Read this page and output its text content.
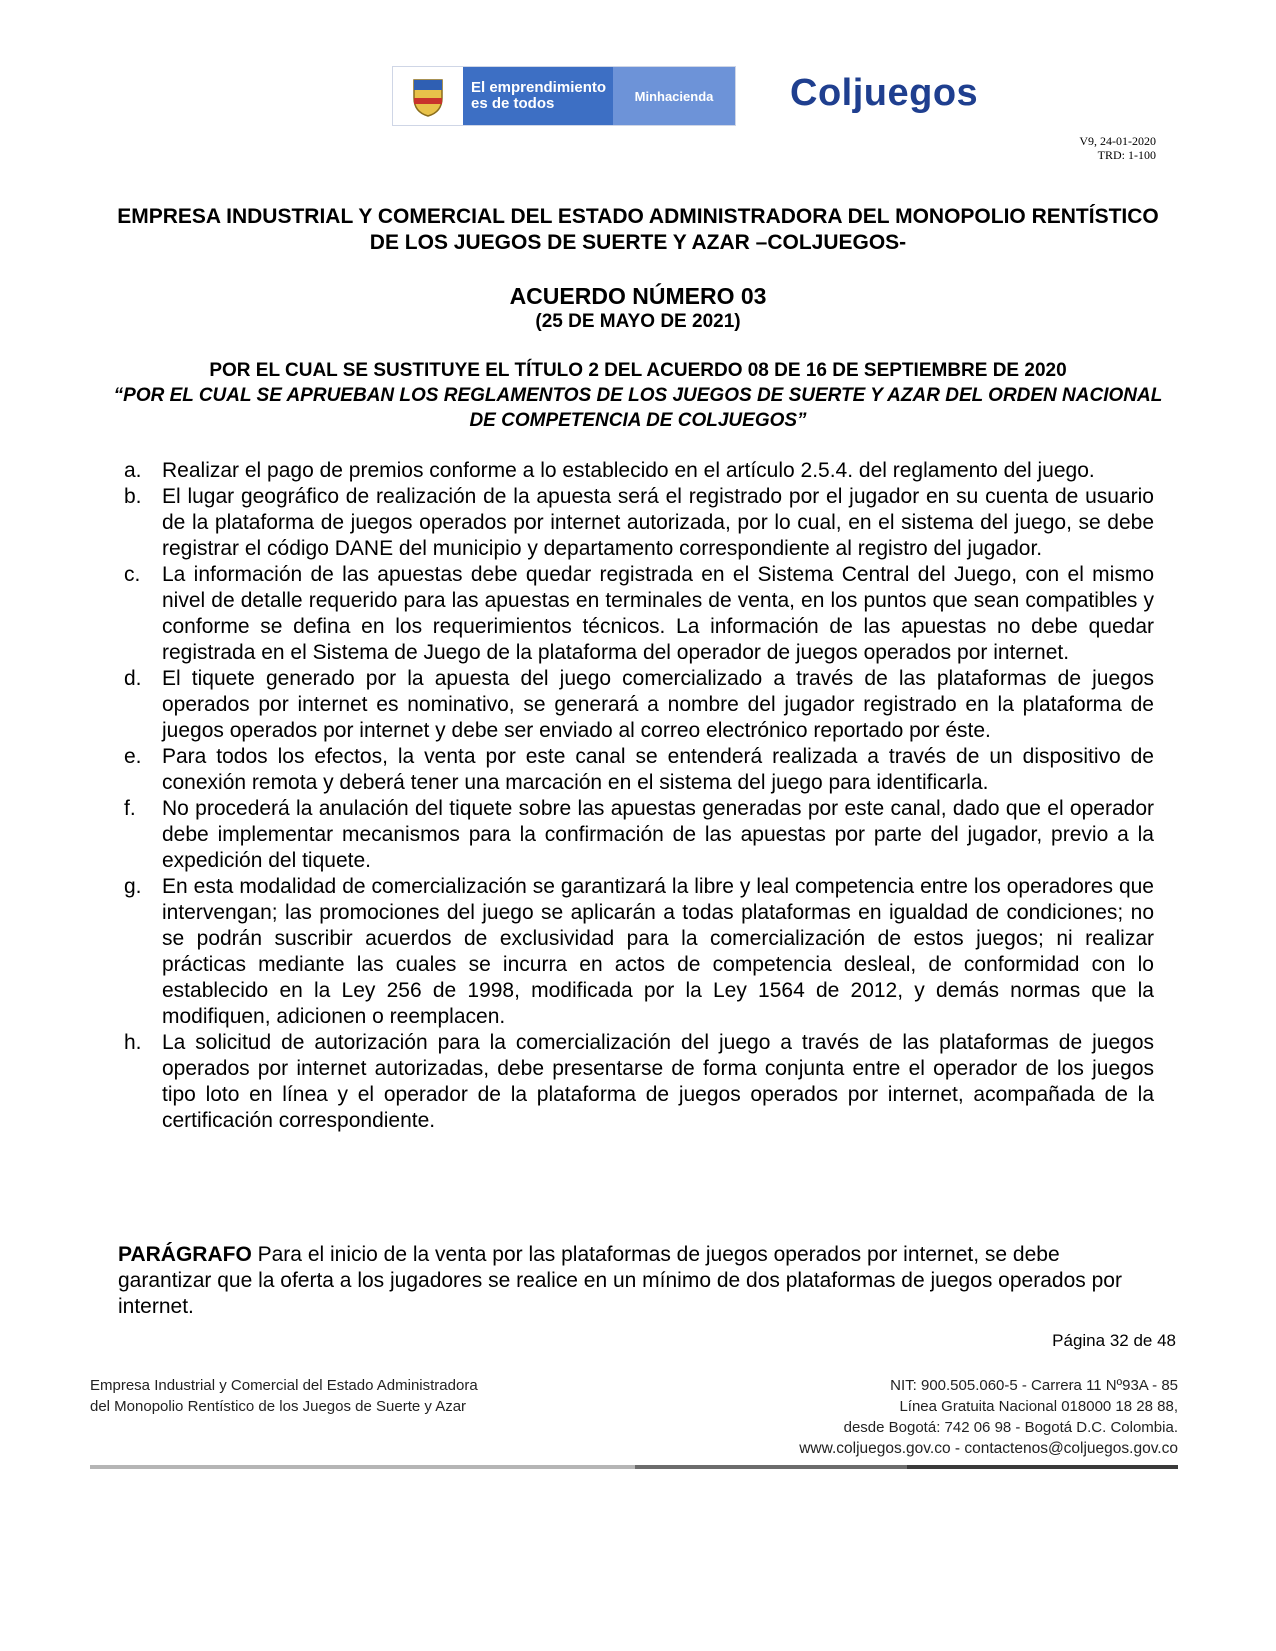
El emprendimiento es de todos	Minhacienda	Coljuegos
V9, 24-01-2020
TRD: 1-100
EMPRESA INDUSTRIAL Y COMERCIAL DEL ESTADO ADMINISTRADORA DEL MONOPOLIO RENTÍSTICO DE LOS JUEGOS DE SUERTE Y AZAR –COLJUEGOS-
ACUERDO NÚMERO 03
(25 DE MAYO DE 2021)
POR EL CUAL SE SUSTITUYE EL TÍTULO 2 DEL ACUERDO 08 DE 16 DE SEPTIEMBRE DE 2020
“POR EL CUAL SE APRUEBAN LOS REGLAMENTOS DE LOS JUEGOS DE SUERTE Y AZAR DEL ORDEN NACIONAL DE COMPETENCIA DE COLJUEGOS”
a. Realizar el pago de premios conforme a lo establecido en el artículo 2.5.4. del reglamento del juego.
b. El lugar geográfico de realización de la apuesta será el registrado por el jugador en su cuenta de usuario de la plataforma de juegos operados por internet autorizada, por lo cual, en el sistema del juego, se debe registrar el código DANE del municipio y departamento correspondiente al registro del jugador.
c. La información de las apuestas debe quedar registrada en el Sistema Central del Juego, con el mismo nivel de detalle requerido para las apuestas en terminales de venta, en los puntos que sean compatibles y conforme se defina en los requerimientos técnicos. La información de las apuestas no debe quedar registrada en el Sistema de Juego de la plataforma del operador de juegos operados por internet.
d. El tiquete generado por la apuesta del juego comercializado a través de las plataformas de juegos operados por internet es nominativo, se generará a nombre del jugador registrado en la plataforma de juegos operados por internet y debe ser enviado al correo electrónico reportado por éste.
e. Para todos los efectos, la venta por este canal se entenderá realizada a través de un dispositivo de conexión remota y deberá tener una marcación en el sistema del juego para identificarla.
f. No procederá la anulación del tiquete sobre las apuestas generadas por este canal, dado que el operador debe implementar mecanismos para la confirmación de las apuestas por parte del jugador, previo a la expedición del tiquete.
g. En esta modalidad de comercialización se garantizará la libre y leal competencia entre los operadores que intervengan; las promociones del juego se aplicarán a todas plataformas en igualdad de condiciones; no se podrán suscribir acuerdos de exclusividad para la comercialización de estos juegos; ni realizar prácticas mediante las cuales se incurra en actos de competencia desleal, de conformidad con lo establecido en la Ley 256 de 1998, modificada por la Ley 1564 de 2012, y demás normas que la modifiquen, adicionen o reemplacen.
h. La solicitud de autorización para la comercialización del juego a través de las plataformas de juegos operados por internet autorizadas, debe presentarse de forma conjunta entre el operador de los juegos tipo loto en línea y el operador de la plataforma de juegos operados por internet, acompañada de la certificación correspondiente.
PARÁGRAFO Para el inicio de la venta por las plataformas de juegos operados por internet, se debe garantizar que la oferta a los jugadores se realice en un mínimo de dos plataformas de juegos operados por internet.
Página 32 de 48
Empresa Industrial y Comercial del Estado Administradora
del Monopolio Rentístico de los Juegos de Suerte y Azar
NIT: 900.505.060-5 - Carrera 11 Nº93A - 85
Línea Gratuita Nacional 018000 18 28 88,
desde Bogotá: 742 06 98 - Bogotá D.C. Colombia.
www.coljuegos.gov.co - contactenos@coljuegos.gov.co
